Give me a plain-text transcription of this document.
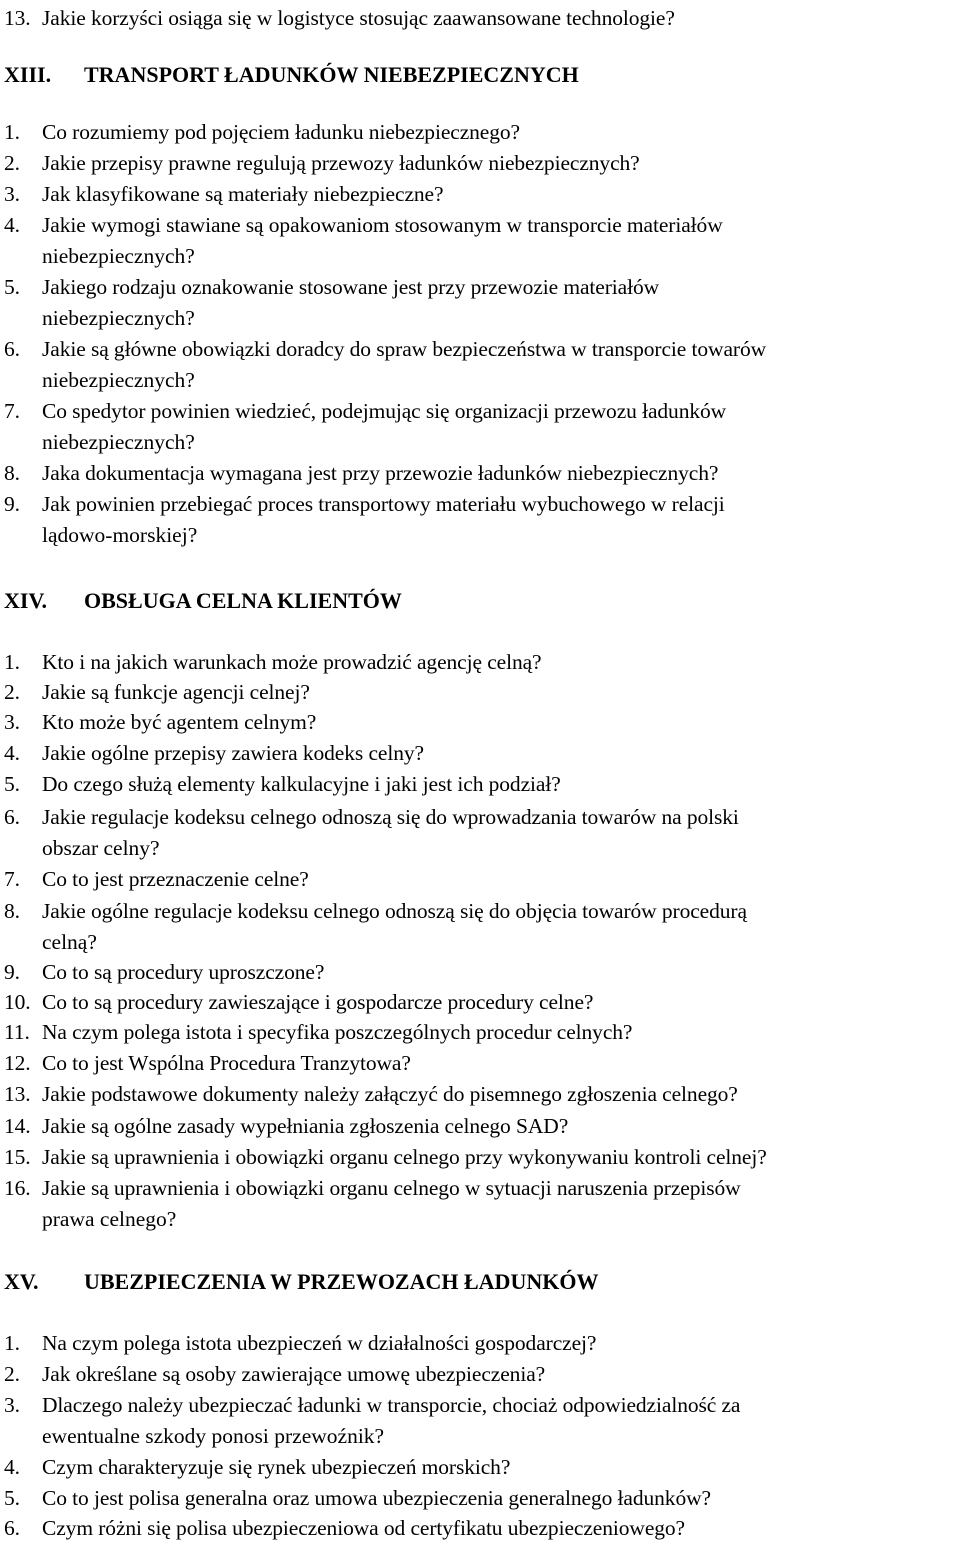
13. Jakie korzyści osiąga się w logistyce stosując zaawansowane technologie?
XIII. TRANSPORT ŁADUNKÓW NIEBEZPIECZNYCH
1. Co rozumiemy pod pojęciem ładunku niebezpiecznego?
2. Jakie przepisy prawne regulują przewozy ładunków niebezpiecznych?
3. Jak klasyfikowane są materiały niebezpieczne?
4. Jakie wymogi stawiane są opakowaniom stosowanym w transporcie materiałów
niebezpiecznych?
5. Jakiego rodzaju oznakowanie stosowane jest przy przewozie materiałów
niebezpiecznych?
6. Jakie są główne obowiązki doradcy do spraw bezpieczeństwa w transporcie towarów
niebezpiecznych?
7. Co spedytor powinien wiedzieć, podejmując się organizacji przewozu ładunków
niebezpiecznych?
8. Jaka dokumentacja wymagana jest przy przewozie ładunków niebezpiecznych?
9. Jak powinien przebiegać proces transportowy materiału wybuchowego w relacji
lądowo-morskiej?
XIV. OBSŁUGA CELNA KLIENTÓW
1. Kto i na jakich warunkach może prowadzić agencję celną?
2. Jakie są funkcje agencji celnej?
3. Kto może być agentem celnym?
4. Jakie ogólne przepisy zawiera kodeks celny?
5. Do czego służą elementy kalkulacyjne i jaki jest ich podział?
6. Jakie regulacje kodeksu celnego odnoszą się do wprowadzania towarów na polski
obszar celny?
7. Co to jest przeznaczenie celne?
8. Jakie ogólne regulacje kodeksu celnego odnoszą się do objęcia towarów procedurą
celną?
9. Co to są procedury uproszczone?
10. Co to są procedury zawieszające i gospodarcze procedury celne?
11. Na czym polega istota i specyfika poszczególnych procedur celnych?
12. Co to jest Wspólna Procedura Tranzytowa?
13. Jakie podstawowe dokumenty należy załączyć do pisemnego zgłoszenia celnego?
14. Jakie są ogólne zasady wypełniania zgłoszenia celnego SAD?
15. Jakie są uprawnienia i obowiązki organu celnego przy wykonywaniu kontroli celnej?
16. Jakie są uprawnienia i obowiązki organu celnego w sytuacji naruszenia przepisów
prawa celnego?
XV. UBEZPIECZENIA W PRZEWOZACH ŁADUNKÓW
1. Na czym polega istota ubezpieczeń w działalności gospodarczej?
2. Jak określane są osoby zawierające umowę ubezpieczenia?
3. Dlaczego należy ubezpieczać ładunki w transporcie, chociaż odpowiedzialność za
ewentualne szkody ponosi przewoźnik?
4. Czym charakteryzuje się rynek ubezpieczeń morskich?
5. Co to jest polisa generalna oraz umowa ubezpieczenia generalnego ładunków?
6. Czym różni się polisa ubezpieczeniowa od certyfikatu ubezpieczeniowego?
